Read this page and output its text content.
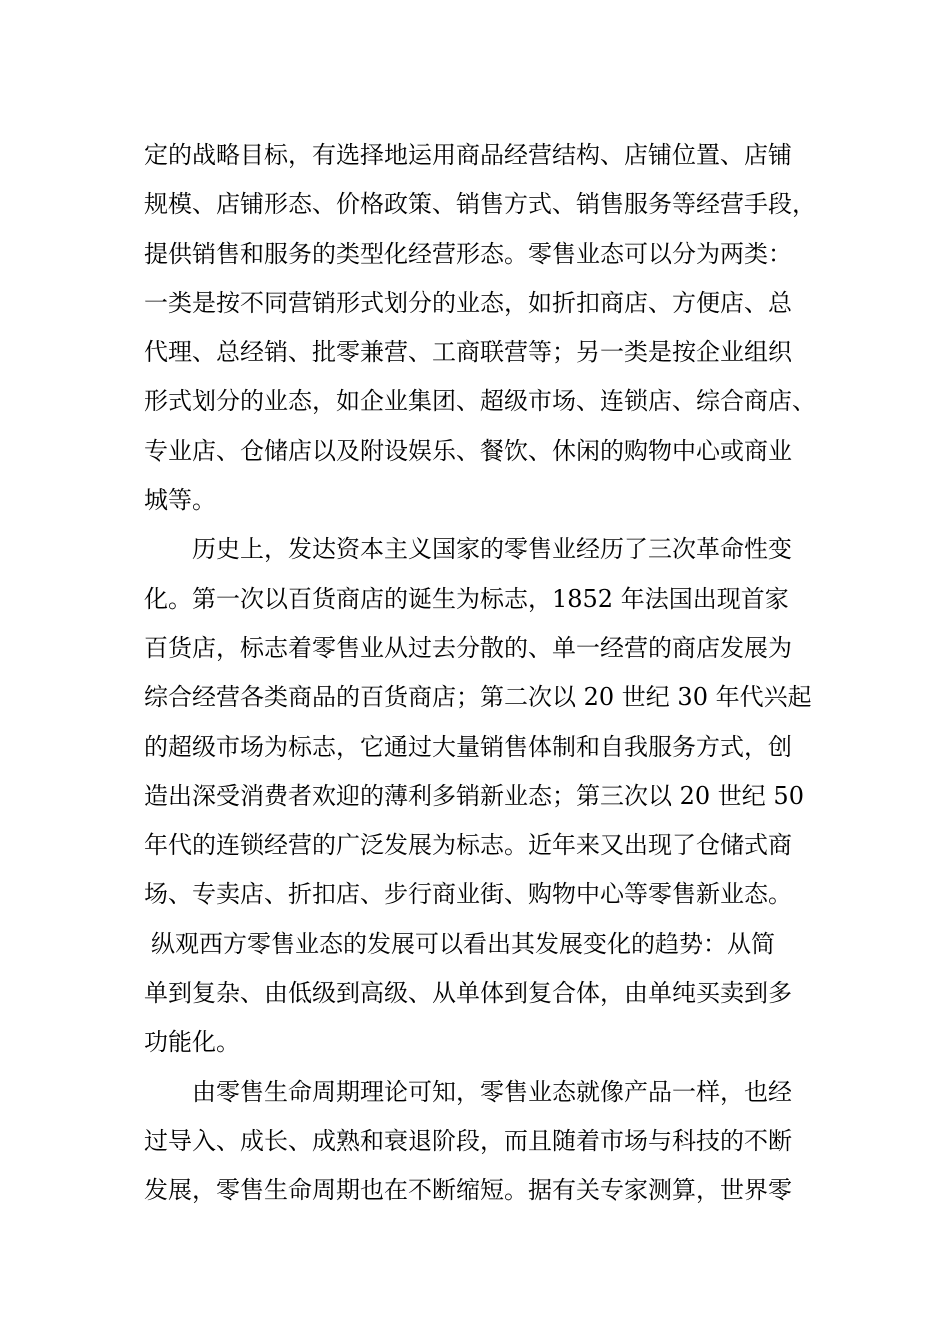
定的战略目标，有选择地运用商品经营结构、店铺位置、店铺
规模、店铺形态、价格政策、销售方式、销售服务等经营手段，
提供销售和服务的类型化经营形态。零售业态可以分为两类：
一类是按不同营销形式划分的业态，如折扣商店、方便店、总
代理、总经销、批零兼营、工商联营等；另一类是按企业组织
形式划分的业态，如企业集团、超级市场、连锁店、综合商店、
专业店、仓储店以及附设娱乐、餐饮、休闲的购物中心或商业
城等。
历史上，发达资本主义国家的零售业经历了三次革命性变
化。第一次以百货商店的诞生为标志，1852 年法国出现首家
百货店，标志着零售业从过去分散的、单一经营的商店发展为
综合经营各类商品的百货商店；第二次以 20 世纪 30 年代兴起
的超级市场为标志，它通过大量销售体制和自我服务方式，创
造出深受消费者欢迎的薄利多销新业态；第三次以 20 世纪 50
年代的连锁经营的广泛发展为标志。近年来又出现了仓储式商
场、专卖店、折扣店、步行商业街、购物中心等零售新业态。
纵观西方零售业态的发展可以看出其发展变化的趋势：从简
单到复杂、由低级到高级、从单体到复合体，由单纯买卖到多
功能化。
由零售生命周期理论可知，零售业态就像产品一样，也经
过导入、成长、成熟和衰退阶段，而且随着市场与科技的不断
发展，零售生命周期也在不断缩短。据有关专家测算，世界零
